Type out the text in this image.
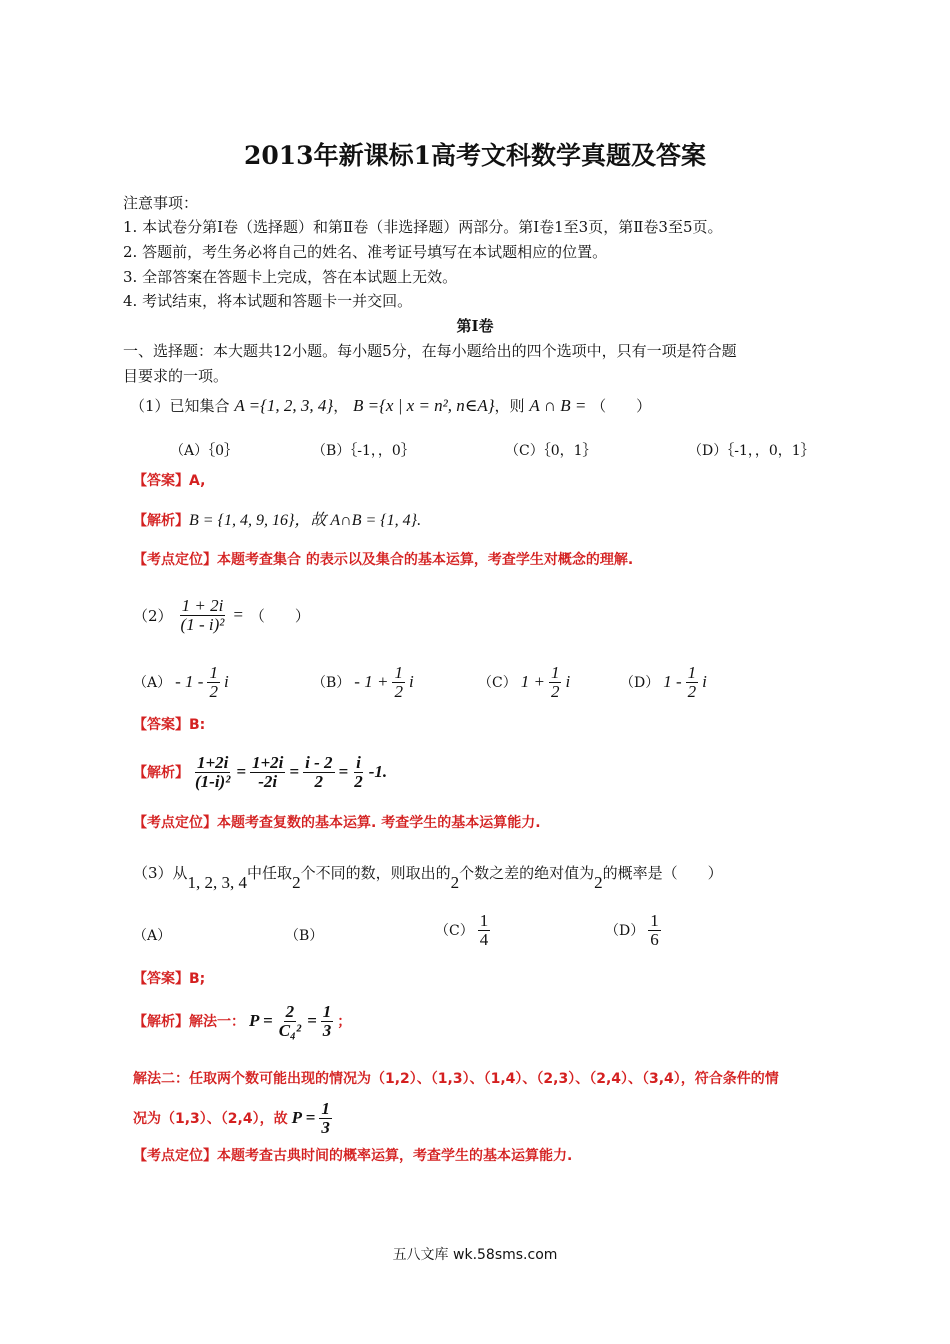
2013年新课标1高考文科数学真题及答案
注意事项：
1. 本试卷分第Ⅰ卷（选择题）和第Ⅱ卷（非选择题）两部分。第Ⅰ卷1至3页，第Ⅱ卷3至5页。
2. 答题前，考生务必将自己的姓名、准考证号填写在本试题相应的位置。
3. 全部答案在答题卡上完成，答在本试题上无效。
4. 考试结束，将本试题和答题卡一并交回。
第Ⅰ卷
一、选择题：本大题共12小题。每小题5分，在每小题给出的四个选项中，只有一项是符合题
目要求的一项。
（1）已知集合 A ={1, 2, 3, 4}， B ={x | x = n², n∈A}，则 A ∩ B = （　　）
（A）｛0｝	（B）｛-1，，0｝	（C）｛0，1｝	（D）｛-1，，0，1｝
【答案】A,
【解析】B = {1, 4, 9, 16}，故 A∩B = {1, 4}.
【考点定位】本题考查集合 的表示以及集合的基本运算，考查学生对概念的理解.
$(2) \frac{1 + 2i}{\text{(1 - i)²}}$ = （　　）
$(A) - 1 - \frac{1}{2}$ i	$(B) - 1 + \frac{1}{2}$ i	（C） $1 + \frac{1}{2}$ i	（D） $1 - \frac{1}{2}$ i
【答案】B:
【解析】 $\frac{1+2i}{\text{(1-i)²}} = \frac{1+2i}{-2i} = \frac{i - 2}{2} = \frac{i}{2} -1$.
【考点定位】本题考查复数的基本运算. 考查学生的基本运算能力.
（3）从1, 2, 3, 4中任取2个不同的数，则取出的2个数之差的绝对值为2的概率是（　　）
（A）	（B）	$(C) \frac{1}{4}$	$(D) \frac{1}{6}$
【答案】B;
【解析】解法一： $P = \frac{2}{\text{C₄²}} = \frac{1}{3}$ ；
解法二：任取两个数可能出现的情况为（1,2）、（1,3）、（1,4）、（2,3）、（2,4）、（3,4），符合条件的情
况为（1,3）、（2,4），故 $P = \frac{1}{3}$
【考点定位】本题考查古典时间的概率运算，考查学生的基本运算能力.
五八文库 wk.58sms.com
